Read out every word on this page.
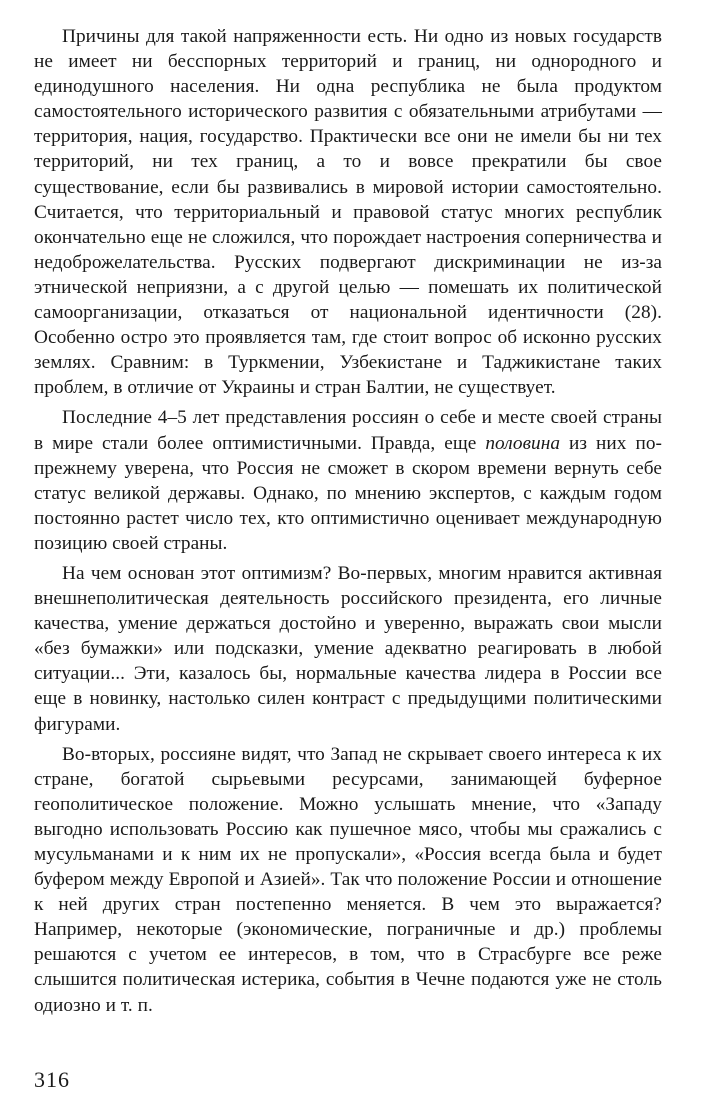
Причины для такой напряженности есть. Ни одно из новых государств не имеет ни бесспорных территорий и границ, ни однородного и единодушного населения. Ни одна республика не была продуктом самостоятельного исторического развития с обязательными атрибутами — территория, нация, государство. Практически все они не имели бы ни тех территорий, ни тех границ, а то и вовсе прекратили бы свое существование, если бы развивались в мировой истории самостоятельно. Считается, что территориальный и правовой статус многих республик окончательно еще не сложился, что порождает настроения соперничества и недоброжелательства. Русских подвергают дискриминации не из-за этнической неприязни, а с другой целью — помешать их политической самоорганизации, отказаться от национальной идентичности (28). Особенно остро это проявляется там, где стоит вопрос об исконно русских землях. Сравним: в Туркмении, Узбекистане и Таджикистане таких проблем, в отличие от Украины и стран Балтии, не существует.

Последние 4–5 лет представления россиян о себе и месте своей страны в мире стали более оптимистичными. Правда, еще половина из них по-прежнему уверена, что Россия не сможет в скором времени вернуть себе статус великой державы. Однако, по мнению экспертов, с каждым годом постоянно растет число тех, кто оптимистично оценивает международную позицию своей страны.

На чем основан этот оптимизм? Во-первых, многим нравится активная внешнеполитическая деятельность российского президента, его личные качества, умение держаться достойно и уверенно, выражать свои мысли «без бумажки» или подсказки, умение адекватно реагировать в любой ситуации... Эти, казалось бы, нормальные качества лидера в России все еще в новинку, настолько силен контраст с предыдущими политическими фигурами.

Во-вторых, россияне видят, что Запад не скрывает своего интереса к их стране, богатой сырьевыми ресурсами, занимающей буферное геополитическое положение. Можно услышать мнение, что «Западу выгодно использовать Россию как пушечное мясо, чтобы мы сражались с мусульманами и к ним их не пропускали», «Россия всегда была и будет буфером между Европой и Азией». Так что положение России и отношение к ней других стран постепенно меняется. В чем это выражается? Например, некоторые (экономические, пограничные и др.) проблемы решаются с учетом ее интересов, в том, что в Страсбурге все реже слышится политическая истерика, события в Чечне подаются уже не столь одиозно и т. п.

316
